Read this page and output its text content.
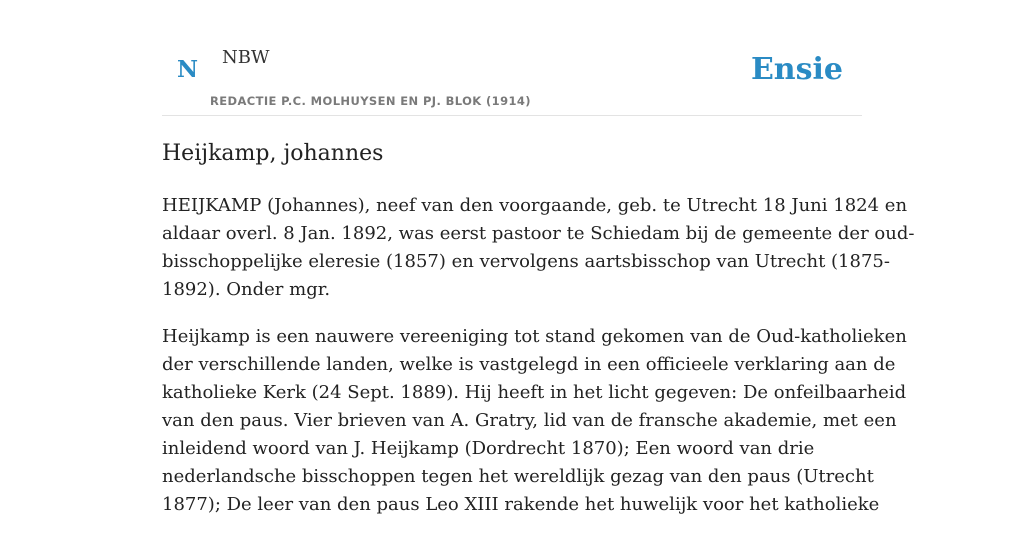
N NBW
REDACTIE P.C. MOLHUYSEN EN PJ. BLOK (1914)
Ensie
Heijkamp, johannes

HEIJKAMP (Johannes), neef van den voorgaande, geb. te Utrecht 18 Juni 1824 en
aldaar overl. 8 Jan. 1892, was eerst pastoor te Schiedam bij de gemeente der oud-
bisschoppelijke eleresie (1857) en vervolgens aartsbisschop van Utrecht (1875-
1892). Onder mgr.

Heijkamp is een nauwere vereeniging tot stand gekomen van de Oud-katholieken
der verschillende landen, welke is vastgelegd in een officieele verklaring aan de
katholieke Kerk (24 Sept. 1889). Hij heeft in het licht gegeven: De onfeilbaarheid
van den paus. Vier brieven van A. Gratry, lid van de fransche akademie, met een
inleidend woord van J. Heijkamp (Dordrecht 1870); Een woord van drie
nederlandsche bisschoppen tegen het wereldlijk gezag van den paus (Utrecht
1877); De leer van den paus Leo XIII rakende het huwelijk voor het katholieke
